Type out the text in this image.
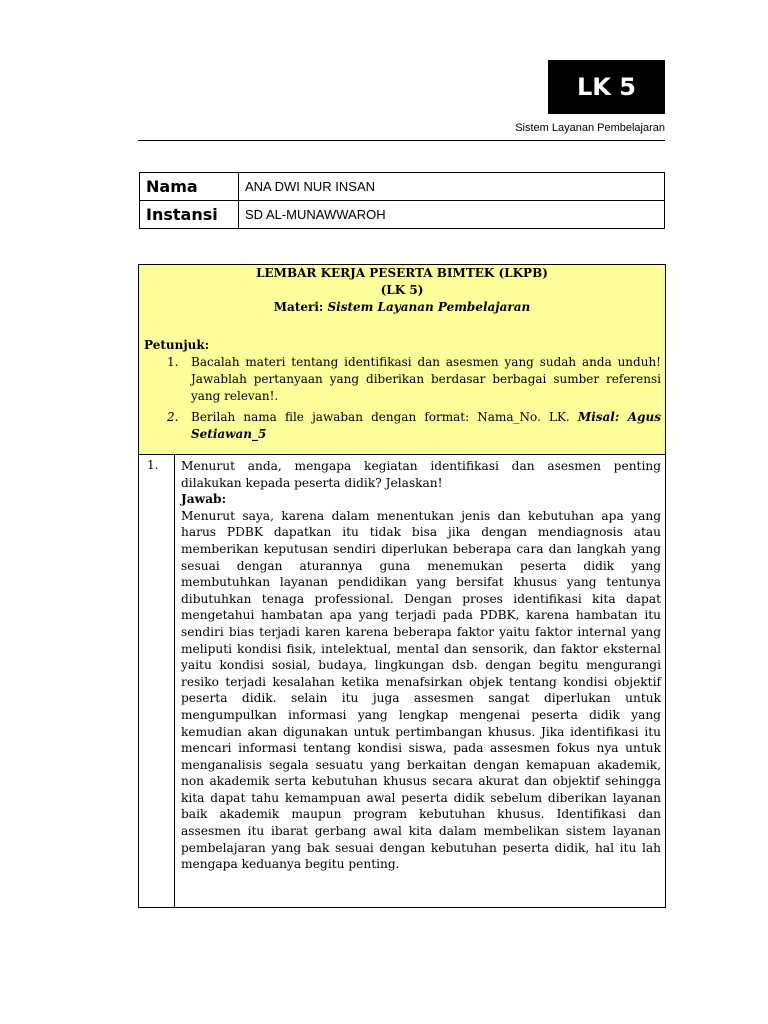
LK 5
Sistem Layanan Pembelajaran
Nama	ANA DWI NUR INSAN
Instansi	SD AL-MUNAWWAROH
LEMBAR KERJA PESERTA BIMTEK (LKPB)
(LK 5)
Materi: Sistem Layanan Pembelajaran
Petunjuk:
1.	Bacalah materi tentang identifikasi dan asesmen yang sudah anda unduh! Jawablah pertanyaan yang diberikan berdasar berbagai sumber referensi yang relevan!.
2.	Berilah nama file jawaban dengan format: Nama_No. LK. Misal: Agus Setiawan_5
1. Menurut anda, mengapa kegiatan identifikasi dan asesmen penting dilakukan kepada peserta didik? Jelaskan!

Jawab:

Menurut saya, karena dalam menentukan jenis dan kebutuhan apa yang harus PDBK dapatkan itu tidak bisa jika dengan mendiagnosis atau memberikan keputusan sendiri diperlukan beberapa cara dan langkah yang sesuai dengan aturannya guna menemukan peserta didik yang membutuhkan layanan pendidikan yang bersifat khusus yang tentunya dibutuhkan tenaga professional. Dengan proses identifikasi kita dapat mengetahui hambatan apa yang terjadi pada PDBK, karena hambatan itu sendiri bias terjadi karen karena beberapa faktor yaitu faktor internal yang meliputi kondisi fisik, intelektual, mental dan sensorik, dan faktor eksternal yaitu kondisi sosial, budaya, lingkungan dsb. dengan begitu mengurangi resiko terjadi kesalahan ketika menafsirkan objek tentang kondisi objektif peserta didik. selain itu juga assesmen sangat diperlukan untuk mengumpulkan informasi yang lengkap mengenai peserta didik yang kemudian akan digunakan untuk pertimbangan khusus. Jika identifikasi itu mencari informasi tentang kondisi siswa, pada assesmen fokus nya untuk menganalisis segala sesuatu yang berkaitan dengan kemapuan akademik, non akademik serta kebutuhan khusus secara akurat dan objektif sehingga kita dapat tahu kemampuan awal peserta didik sebelum diberikan layanan baik akademik maupun program kebutuhan khusus. Identifikasi dan assesmen itu ibarat gerbang awal kita dalam membelikan sistem layanan pembelajaran yang bak sesuai dengan kebutuhan peserta didik, hal itu lah mengapa keduanya begitu penting.
